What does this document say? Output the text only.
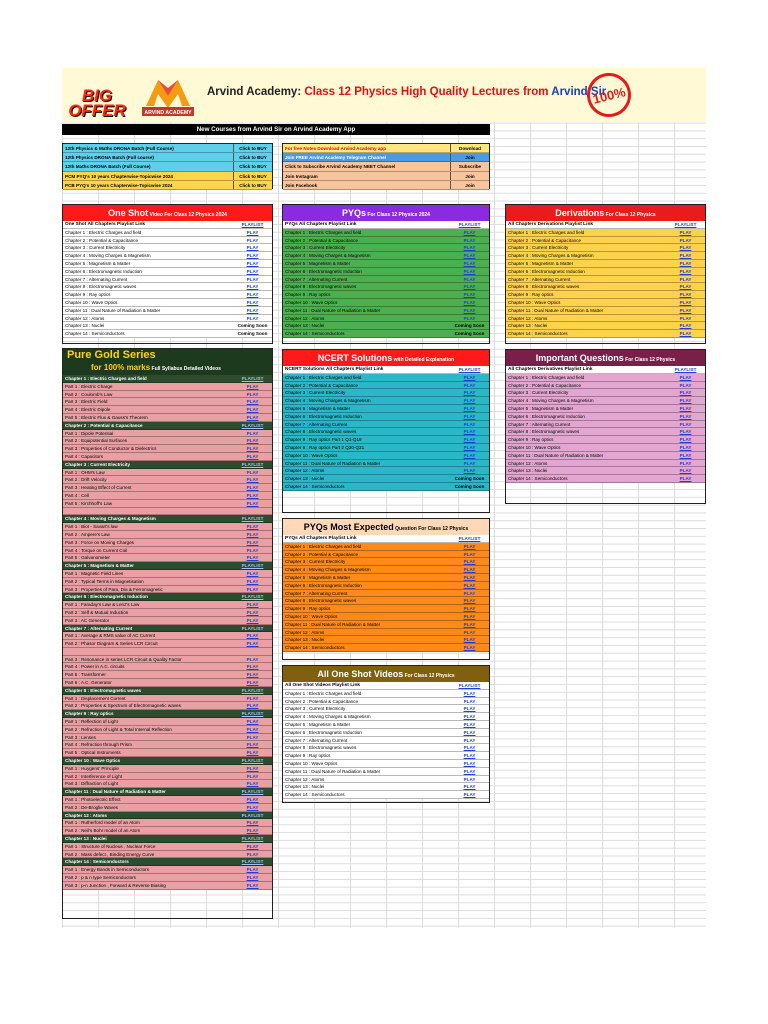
BIG
OFFER	ARVIND ACADEMY
Arvind Academy: Class 12 Physics High Quality Lectures from Arvind Sir
100%
New Courses from Arvind Sir on Arvind Academy App
12th Physics & Maths DRONA Batch (Full Course)	Click to BUY
12th Physics DRONA Batch (Full course)	Click to BUY
12th Maths DRONA Batch (Full Course)	Click to BUY
PCM PYQ's 10 years Chapterwise-Topicwise 2024	Click to BUY
PCB PYQ's 10 years Chapterwise-Topicwise 2024	Click to BUY
For free Notes Download Arvind Academy app	Download
Join FREE Arvind Academy Telegram Channel	Join
Click to Subscribe Arvind Academy NEET Channel	Subscribe
Join Instagram	Join
Join Facebook	Join
One Shot Video For Class 12 Physics 2024
One Shot All Chapters Playlist Link	PLAYLIST
Chapter 1 : Electric Charges and field	PLAY
Chapter 2 : Potential & Capacitance	PLAY
Chapter 3 : Current Electricity	PLAY
Chapter 4 : Moving Charges & Magnetism	PLAY
Chapter 5 : Magnetism & Matter	PLAY
Chapter 6 : Electromagnetic Induction	PLAY
Chapter 7 : Alternating Current	PLAY
Chapter 8 : Electromagnetic waves	PLAY
Chapter 9 : Ray optics	PLAY
Chapter 10 : Wave Optics	PLAY
Chapter 11 : Dual Nature of Radiation & Matter	PLAY
Chapter 12 : Atoms	PLAY
Chapter 13 : Nuclei	Coming Soon
Chapter 14 : Semiconductors	Coming Soon
PYQs For Class 12 Physics 2024
PYQs All Chapters Playlist Link	PLAYLIST
Chapter 1 : Electric Charges and field	PLAY
Chapter 2 : Potential & Capacitance	PLAY
Chapter 3 : Current Electricity	PLAY
Chapter 4 : Moving Charges & Magnetism	PLAY
Chapter 5 : Magnetism & Matter	PLAY
Chapter 6 : Electromagnetic Induction	PLAY
Chapter 7 : Alternating Current	PLAY
Chapter 8 : Electromagnetic waves	PLAY
Chapter 9 : Ray optics	PLAY
Chapter 10 : Wave Optics	PLAY
Chapter 11 : Dual Nature of Radiation & Matter	PLAY
Chapter 12 : Atoms	PLAY
Chapter 13 : Nuclei	Coming Soon
Chapter 14 : Semiconductors	Coming Soon
Derivations For Class 12 Physics
All Chapters Derivations Playlist Link	PLAYLIST
Chapter 1 : Electric Charges and field	PLAY
Chapter 2 : Potential & Capacitance	PLAY
Chapter 3 : Current Electricity	PLAY
Chapter 4 : Moving Charges & Magnetism	PLAY
Chapter 5 : Magnetism & Matter	PLAY
Chapter 6 : Electromagnetic Induction	PLAY
Chapter 7 : Alternating Current	PLAY
Chapter 8 : Electromagnetic waves	PLAY
Chapter 9 : Ray optics	PLAY
Chapter 10 : Wave Optics	PLAY
Chapter 11 : Dual Nature of Radiation & Matter	PLAY
Chapter 12 : Atoms	PLAY
Chapter 13 : Nuclei	PLAY
Chapter 14 : Semiconductors	PLAY
Pure Gold Series
for 100% marks Full Syllabus Detailed Videos
Chapter 1 : Electric Charges and field	PLAYLIST
Part 1 : Electric Charge	PLAY
Part 2 : Coulomb's Law	PLAY
Part 3 : Electric Field	PLAY
Part 4 : Electric Dipole	PLAY
Part 5 : Electric Flux & Gauss's Theorem	PLAY
Chapter 2 : Potential & Capacitance	PLAYLIST
Part 1 : Dipole Potential	PLAY
Part 2 : Equipotential Surfaces	PLAY
Part 3 : Properties of Conductor & Dielectrics	PLAY
Part 4 : Capacitors	PLAY
Chapter 3 : Current Electricity	PLAYLIST
Part 1 : OHM's Law	PLAY
Part 2 : Drift Velocity	PLAY
Part 3 : Heating Effect of Current	PLAY
Part 4 : Cell	PLAY
Part 5 : Kirchhoff's Law	PLAY
Chapter 4 : Moving Charges & Magnetism	PLAYLIST
Part 1 : Biot - Savart's law	PLAY
Part 2 : Ampere's Law	PLAY
Part 3 : Force on Moving Charges	PLAY
Part 4 : Torque on Current Coil	PLAY
Part 5 : Galvanometer	PLAY
Chapter 5 : Magnetism & Matter	PLAYLIST
Part 1 : Magnetic Field Lines	PLAY
Part 2 : Typical Terms in Magnetisation	PLAY
Part 3 : Properties of Para, Dia & Ferromagnetic	PLAY
Chapter 6 : Electromagnetic Induction	PLAYLIST
Part 1 : Faraday's Law & Lenz's Law	PLAY
Part 2 : Self & Mutual Induction	PLAY
Part 3 : AC Generator	PLAY
Chapter 7 : Alternating Current	PLAYLIST
Part 1 : Average & RMS value of AC Current	PLAY
Part 2 : Phasor Diagram & Series LCR Circuit	PLAY
Part 3 : Resonance in series LCR Circuit & Quality Factor	PLAY
Part 4 : Power in A.C. circuits	PLAY
Part 5 : Transformer	PLAY
Part 6 : A.C. Generator	PLAY
Chapter 8 : Electromagnetic waves	PLAYLIST
Part 1 : Displacement Current	PLAY
Part 2 : Properties & Spectrum of Electromagnetic waves	PLAY
Chapter 9 : Ray optics	PLAYLIST
Part 1 : Reflection of Light	PLAY
Part 2 : Refraction of Light & Total Internal Reflection	PLAY
Part 3 : Lenses	PLAY
Part 4 : Refraction through Prism	PLAY
Part 5 : Optical Instruments	PLAY
Chapter 10 : Wave Optics	PLAYLIST
Part 1 : Huygens' Principle	PLAY
Part 2 : Interference of Light	PLAY
Part 3 : Diffraction of Light	PLAY
Chapter 11 : Dual Nature of Radiation & Matter	PLAYLIST
Part 1 : Photoelectric Effect	PLAY
Part 2 : De-Broglie Waves	PLAY
Chapter 12 : Atoms	PLAYLIST
Part 1 : Rutherford model of an Atom	PLAY
Part 2 : Neil's Bohr model of an Atom	PLAY
Chapter 13 : Nuclei	PLAYLIST
Part 1 : Structure of Nucleus , Nuclear Force	PLAY
Part 2 : Mass defect , Binding Energy Curve	PLAY
Chapter 14 : Semiconductors	PLAYLIST
Part 1 : Energy Bands in Semiconductors	PLAY
Part 2 : p & n type Semiconductors	PLAY
Part 3 : p-n Junction , Forward & Reverse Biasing	PLAY
NCERT Solutions with Detailed Explanation
NCERT Solutions All Chapters Playlist Link	PLAYLIST
Chapter 1 : Electric Charges and field	PLAY
Chapter 2 : Potential & Capacitance	PLAY
Chapter 3 : Current Electricity	PLAY
Chapter 4 : Moving Charges & Magnetism	PLAY
Chapter 5 : Magnetism & Matter	PLAY
Chapter 6 : Electromagnetic Induction	PLAY
Chapter 7 : Alternating Current	PLAY
Chapter 8 : Electromagnetic waves	PLAY
Chapter 9 : Ray optics Part 1 Q1-Q19	PLAY
Chapter 9 : Ray optics Part 2 Q20-Q31	PLAY
Chapter 10 : Wave Optics	PLAY
Chapter 11 : Dual Nature of Radiation & Matter	PLAY
Chapter 12 : Atoms	PLAY
Chapter 13 : Nuclei	Coming Soon
Chapter 14 : Semiconductors	Coming Soon
Important Questions For Class 12 Physics
All Chapters Derivatives Playlist Link	PLAYLIST
Chapter 1 : Electric Charges and field	PLAY
Chapter 2 : Potential & Capacitance	PLAY
Chapter 3 : Current Electricity	PLAY
Chapter 4 : Moving Charges & Magnetism	PLAY
Chapter 5 : Magnetism & Matter	PLAY
Chapter 6 : Electromagnetic Induction	PLAY
Chapter 7 : Alternating Current	PLAY
Chapter 8 : Electromagnetic waves	PLAY
Chapter 9 : Ray optics	PLAY
Chapter 10 : Wave Optics	PLAY
Chapter 11 : Dual Nature of Radiation & Matter	PLAY
Chapter 12 : Atoms	PLAY
Chapter 13 : Nuclei	PLAY
Chapter 14 : Semiconductors	PLAY
PYQs Most Expected Question For Class 12 Physics
PYQs All Chapters Playlist Link	PLAYLIST
Chapter 1 : Electric Charges and field	PLAY
Chapter 2 : Potential & Capacitance	PLAY
Chapter 3 : Current Electricity	PLAY
Chapter 4 : Moving Charges & Magnetism	PLAY
Chapter 5 : Magnetism & Matter	PLAY
Chapter 6 : Electromagnetic Induction	PLAY
Chapter 7 : Alternating Current	PLAY
Chapter 8 : Electromagnetic waves	PLAY
Chapter 9 : Ray optics	PLAY
Chapter 10 : Wave Optics	PLAY
Chapter 11 : Dual Nature of Radiation & Matter	PLAY
Chapter 12 : Atoms	PLAY
Chapter 13 : Nuclei	PLAY
Chapter 14 : Semiconductors	PLAY
All One Shot Videos For Class 12 Physics
All One Shot Videos Playlist Link	PLAYLIST
Chapter 1 : Electric Charges and field	PLAY
Chapter 2 : Potential & Capacitance	PLAY
Chapter 3 : Current Electricity	PLAY
Chapter 4 : Moving Charges & Magnetism	PLAY
Chapter 5 : Magnetism & Matter	PLAY
Chapter 6 : Electromagnetic Induction	PLAY
Chapter 7 : Alternating Current	PLAY
Chapter 8 : Electromagnetic waves	PLAY
Chapter 9 : Ray optics	PLAY
Chapter 10 : Wave Optics	PLAY
Chapter 11 : Dual Nature of Radiation & Matter	PLAY
Chapter 12 : Atoms	PLAY
Chapter 13 : Nuclei	PLAY
Chapter 14 : Semiconductors	PLAY
